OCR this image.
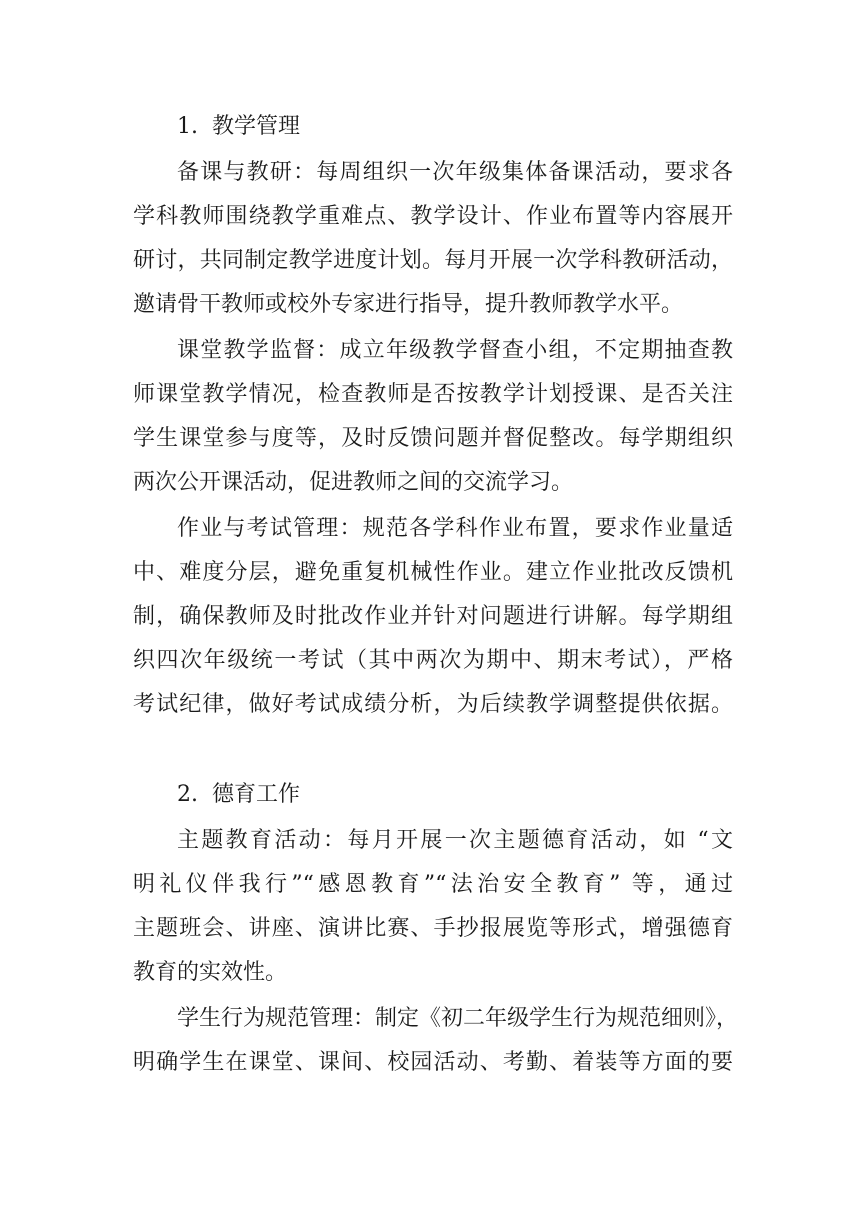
1. 教学管理
备课与教研：每周组织一次年级集体备课活动，要求各
学科教师围绕教学重难点、教学设计、作业布置等内容展开
研讨，共同制定教学进度计划。每月开展一次学科教研活动，
邀请骨干教师或校外专家进行指导，提升教师教学水平。
课堂教学监督：成立年级教学督查小组，不定期抽查教
师课堂教学情况，检查教师是否按教学计划授课、是否关注
学生课堂参与度等，及时反馈问题并督促整改。每学期组织
两次公开课活动，促进教师之间的交流学习。
作业与考试管理：规范各学科作业布置，要求作业量适
中、难度分层，避免重复机械性作业。建立作业批改反馈机
制，确保教师及时批改作业并针对问题进行讲解。每学期组
织四次年级统一考试（其中两次为期中、期末考试），严格
考试纪律，做好考试成绩分析，为后续教学调整提供依据。
2. 德育工作
主题教育活动：每月开展一次主题德育活动，如 “文
明礼仪伴我行”“感恩教育”“法治安全教育” 等，通过
主题班会、讲座、演讲比赛、手抄报展览等形式，增强德育
教育的实效性。
学生行为规范管理：制定《初二年级学生行为规范细则》，
明确学生在课堂、课间、校园活动、考勤、着装等方面的要
